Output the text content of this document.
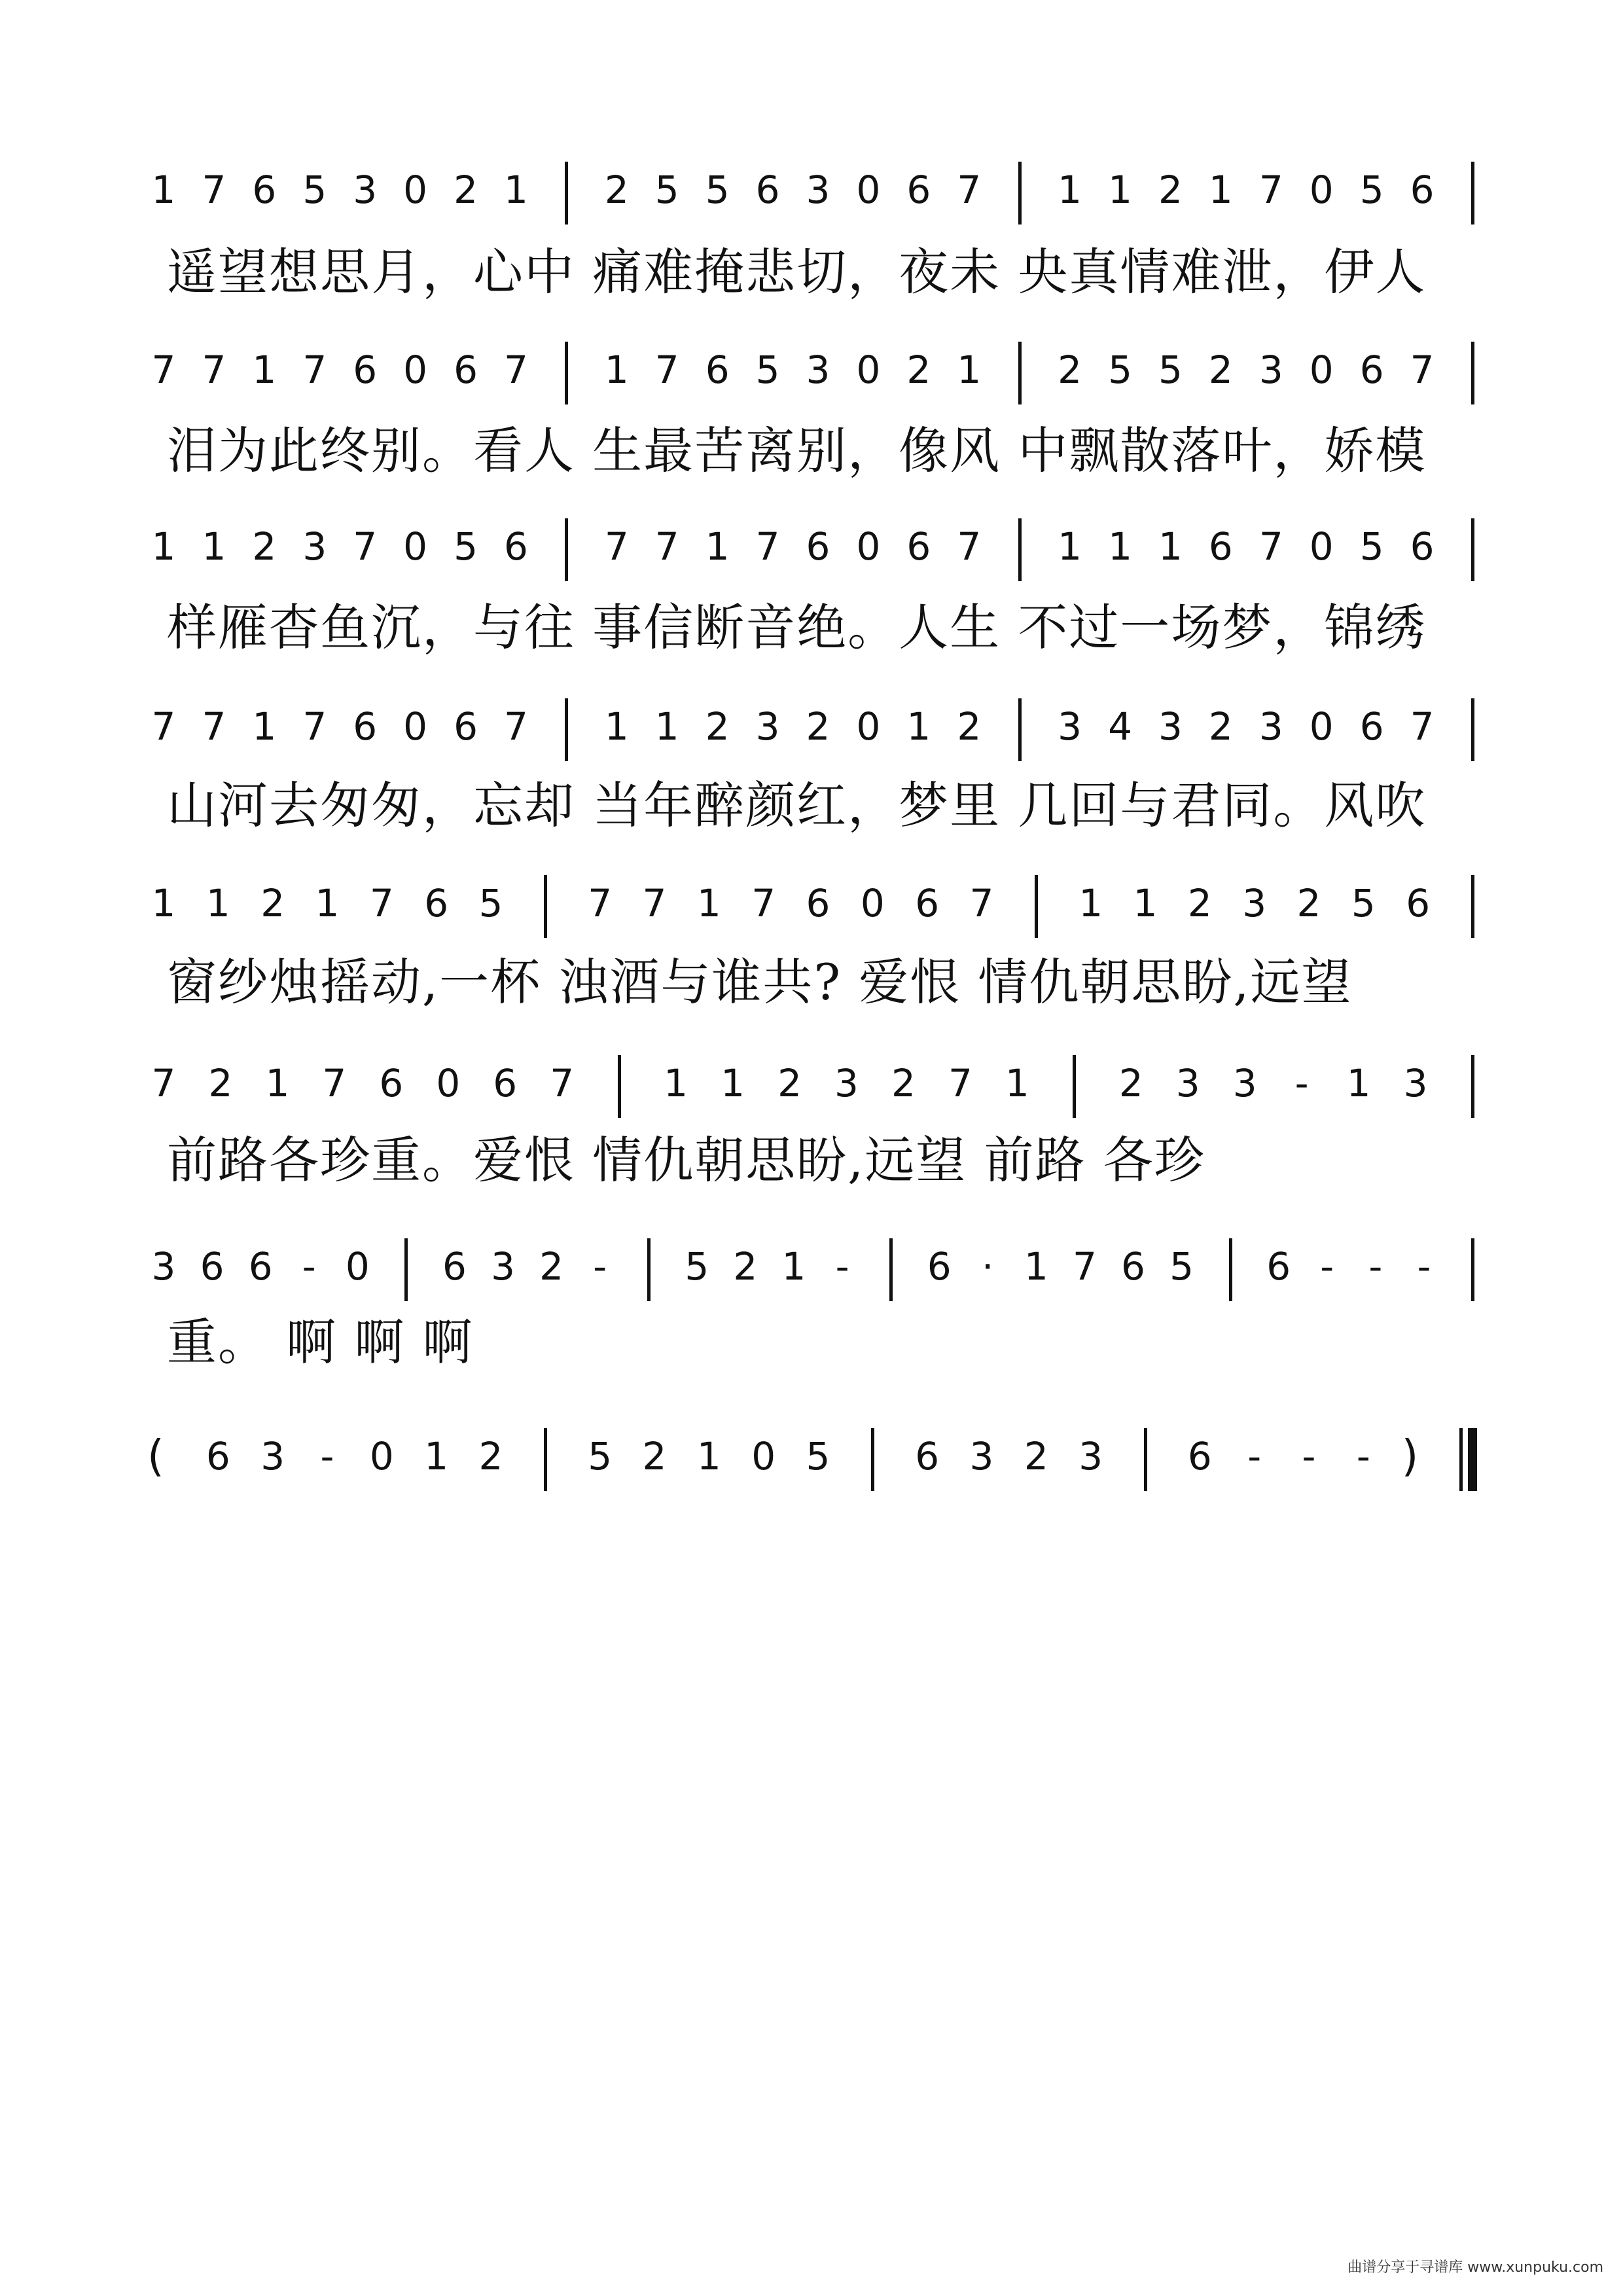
1 7 6 5 3 0 2 1 2 5 5 6 3 0 6 7 1 1 2 1 7 0 5 6
遥望想思月，心中 痛难掩悲切，夜未 央真情难泄，伊人
7 7 1 7 6 0 6 7 1 7 6 5 3 0 2 1 2 5 5 2 3 0 6 7
泪为此终别。看人 生最苦离别，像风 中飘散落叶，娇模
1 1 2 3 7 0 5 6 7 7 1 7 6 0 6 7 1 1 1 6 7 0 5 6
样雁杳鱼沉，与往 事信断音绝。人生 不过一场梦，锦绣
7 7 1 7 6 0 6 7 1 1 2 3 2 0 1 2 3 4 3 2 3 0 6 7
山河去匆匆，忘却 当年醉颜红，梦里 几回与君同。风吹
1 1 2 1 7 6 5 7 7 1 7 6 0 6 7 1 1 2 3 2 5 6
窗纱烛摇动,一杯 浊酒与谁共? 爱恨 情仇朝思盼,远望
7 2 1 7 6 0 6 7 1 1 2 3 2 7 1 2 3 3 - 1 3
前路各珍重。爱恨 情仇朝思盼,远望 前路 各珍
3 6 6 - 0 6 3 2 - 5 2 1 - 6 · 1 7 6 5 6 - - -
重。 啊 啊 啊
( 6 3 - 0 1 2 5 2 1 0 5 6 3 2 3 6 - - - )
曲谱分享于寻谱库 www.xunpuku.com
